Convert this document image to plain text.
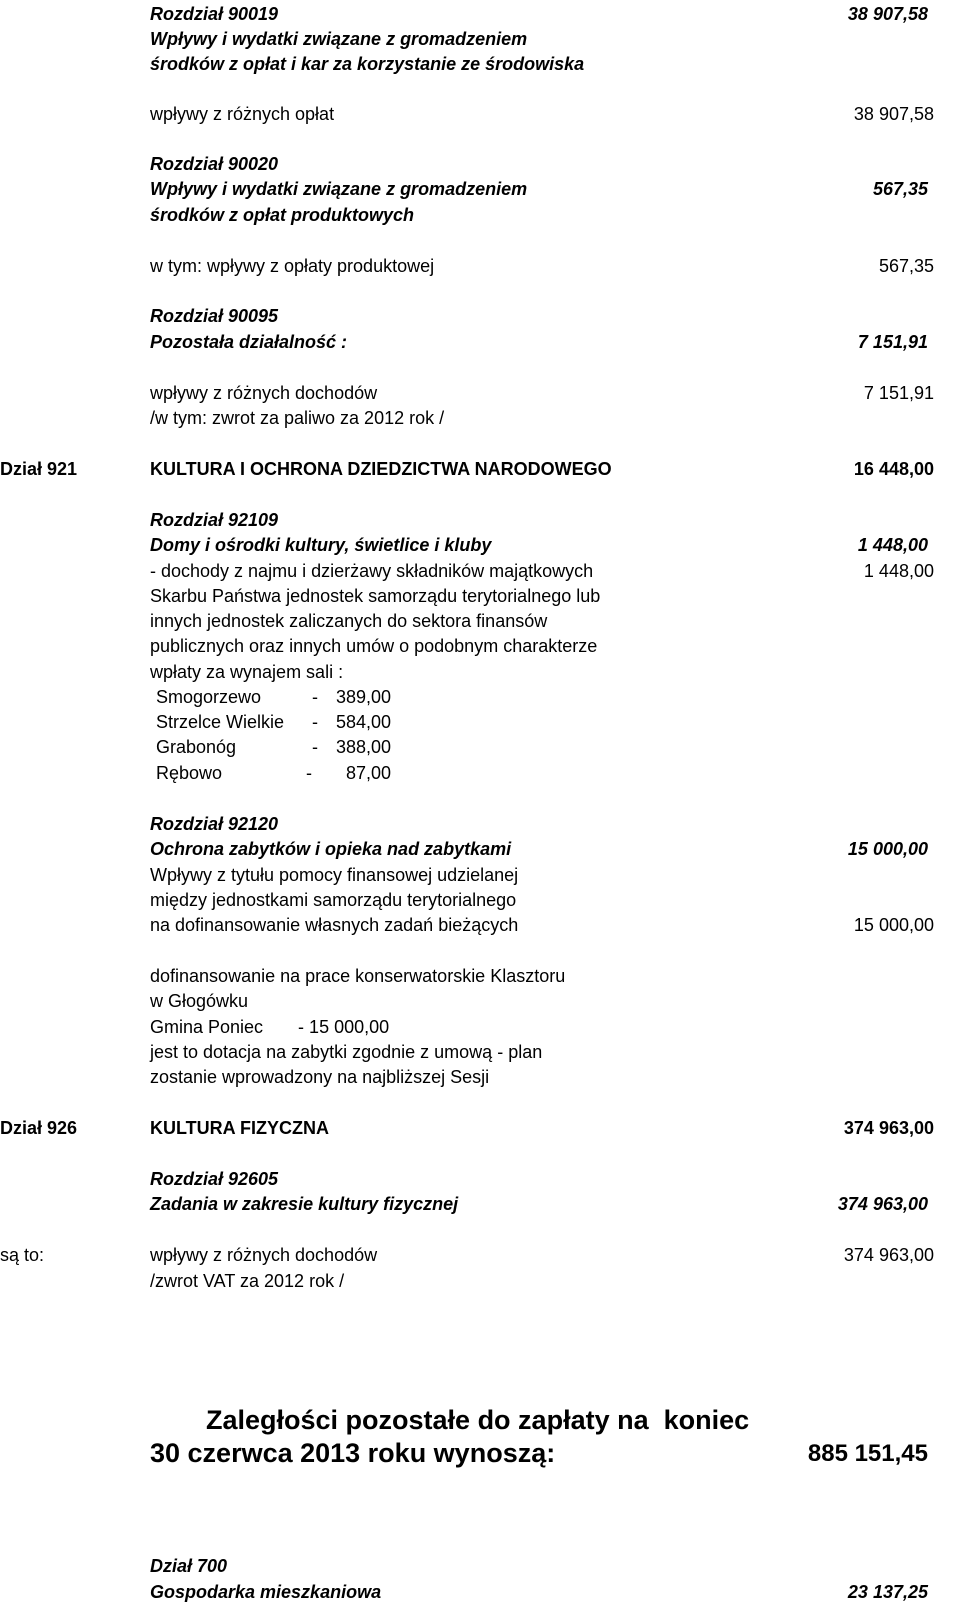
Rozdział 90019	38 907,58
Wpływy i wydatki związane z gromadzeniem
środków z opłat i kar za korzystanie ze środowiska
wpływy z różnych opłat	38 907,58
Rozdział 90020
Wpływy i wydatki związane z gromadzeniem	567,35
środków z opłat produktowych
w tym: wpływy z opłaty produktowej	567,35
Rozdział 90095
Pozostała działalność :	7 151,91
wpływy z różnych dochodów	7 151,91
/w tym: zwrot za paliwo za 2012 rok /
Dział 921	KULTURA I OCHRONA DZIEDZICTWA NARODOWEGO	16 448,00
Rozdział 92109
Domy i ośrodki kultury, świetlice i kluby	1 448,00
- dochody z najmu i dzierżawy składników majątkowych	1 448,00
Skarbu Państwa jednostek samorządu terytorialnego lub
innych jednostek zaliczanych do sektora finansów
publicznych oraz innych umów o podobnym charakterze
wpłaty za wynajem sali :
Smogorzewo	- 389,00
Strzelce Wielkie - 584,00
Grabonóg	- 388,00
Rębowo	- 87,00
Rozdział 92120
Ochrona zabytków i opieka nad zabytkami	15 000,00
Wpływy z tytułu pomocy finansowej udzielanej
między jednostkami samorządu terytorialnego
na dofinansowanie własnych zadań bieżących	15 000,00
dofinansowanie na prace konserwatorskie Klasztoru
w Głogówku
Gmina Poniec       - 15 000,00
jest to dotacja na zabytki zgodnie z umową - plan
zostanie wprowadzony na najbliższej Sesji
Dział 926	KULTURA FIZYCZNA	374 963,00
Rozdział 92605
Zadania w zakresie kultury fizycznej	374 963,00
są to:	wpływy z różnych dochodów	374 963,00
/zwrot VAT za 2012 rok /
Zaległości pozostałe do zapłaty na  koniec
30 czerwca 2013 roku wynoszą:	885 151,45
Dział 700
Gospodarka mieszkaniowa	23 137,25
